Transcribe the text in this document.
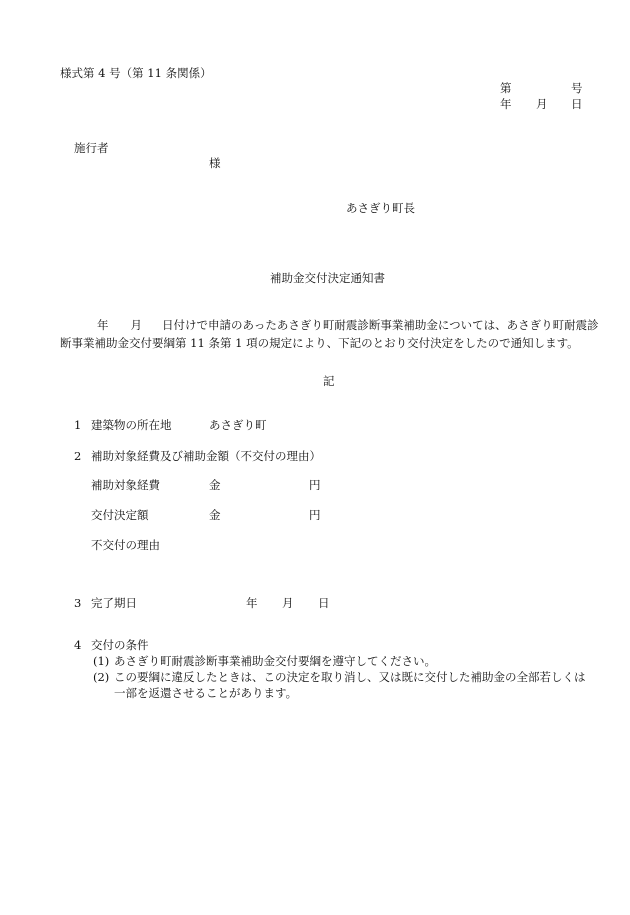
様式第 4 号（第 11 条関係）
第	号
年 月 日
施行者
様
あさぎり町長
補助金交付決定通知書
年 月 日付けで申請のあったあさぎり町耐震診断事業補助金については、あさぎり町耐震診断事業補助金交付要綱第 11 条第 1 項の規定により、下記のとおり交付決定をしたので通知します。
記
1 建築物の所在地	あさぎり町
2 補助対象経費及び補助金額（不交付の理由）
補助対象経費	金	円
交付決定額	金	円
不交付の理由
3 完了期日	年 月 日
4 交付の条件
(1) あさぎり町耐震診断事業補助金交付要綱を遵守してください。
(2) この要綱に違反したときは、この決定を取り消し、又は既に交付した補助金の全部若しくは
一部を返還させることがあります。
